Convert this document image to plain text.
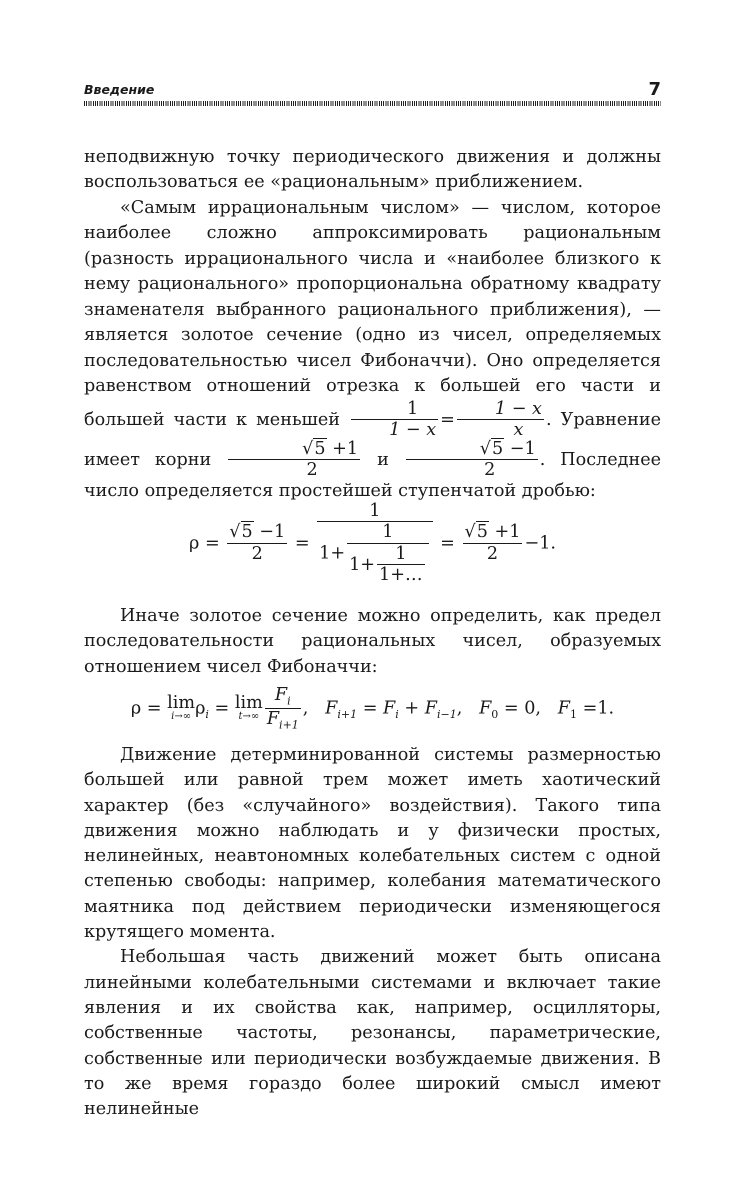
Введение	7

неподвижную точку периодического движения и должны воспользоваться ее «рациональным» приближением.

«Самым иррациональным числом» — числом, которое наиболее сложно аппроксимировать рациональным (разность иррационального числа и «наиболее близкого к нему рационального» пропорциональна обратному квадрату знаменателя выбранного рационального приближения), — является золотое сечение (одно из чисел, определяемых последовательностью чисел Фибоначчи). Оно определяется равенством отношений отрезка к большей его части и большей части к меньшей $\frac{1}{1 - x} = \frac{1 - x}{x}$ . Уравнение имеет корни $\frac{√5 +1}{2}$ и $\frac{√5 -1}{2}$ . Последнее число определяется простейшей ступенчатой дробью:

$\rho = \frac{√5 -1}{2}$ =
1
$1+ \frac{1}{1+ \frac{1}{1+\dots}} = \frac{√5 +1}{2} -1$.

Иначе золотое сечение можно определить, как предел последовательности рациональных чисел, образуемых отношением чисел Фибоначчи:

ρ = lim
i→∞ $\rho_i = \lim$
$t\to\infty \frac{F_i}{F_{i+1}}$ ,   $F_{i+1} = F_i + F_{i-1}$,   $F_0 = 0$, $F_1 =1$.

Движение детерминированной системы размерностью большей или равной трем может иметь хаотический характер (без «случайного» воздействия). Такого типа движения можно наблюдать и у физически простых, нелинейных, неавтономных колебательных систем с одной степенью свободы: например, колебания математического маятника под действием периодически изменяющегося крутящего момента.

Небольшая часть движений может быть описана линейными колебательными системами и включает такие явления и их свойства как, например, осцилляторы, собственные частоты, резонансы, параметрические, собственные или периодически возбуждаемые движения. В то же время гораздо более широкий смысл имеют нелинейные
